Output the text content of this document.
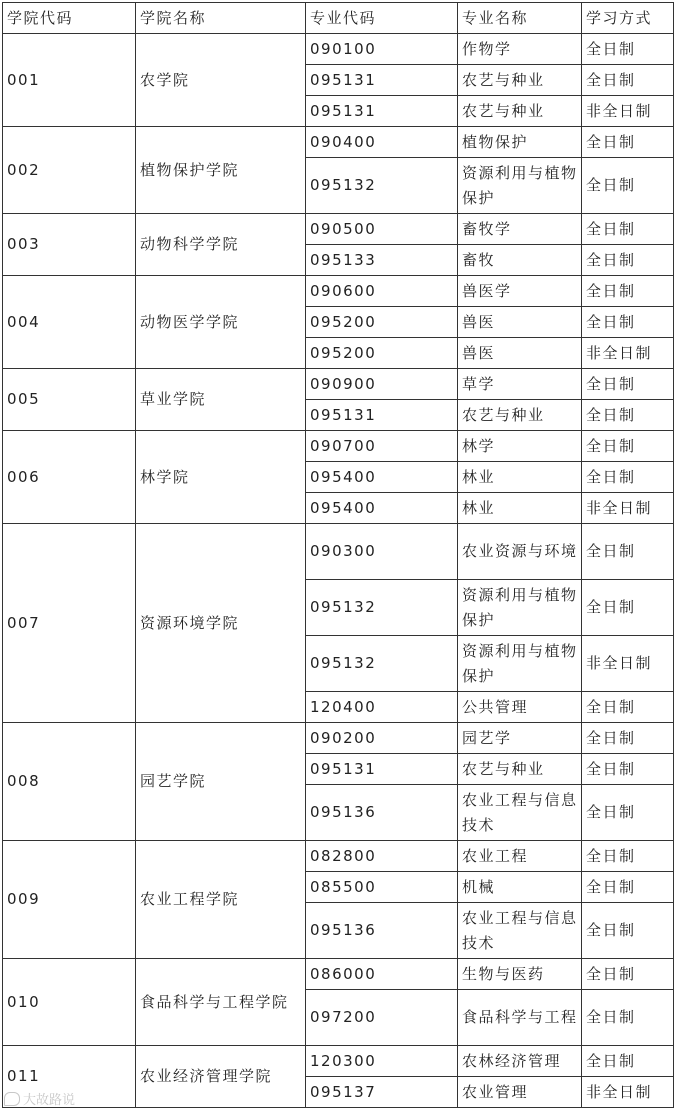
学院代码	学院名称	专业代码	专业名称	学习方式
001	农学院	090100	作物学	全日制
		095131	农艺与种业	全日制
		095131	农艺与种业	非全日制
002	植物保护学院	090400	植物保护	全日制
		095132	资源利用与植物保护	全日制
003	动物科学学院	090500	畜牧学	全日制
		095133	畜牧	全日制
004	动物医学学院	090600	兽医学	全日制
		095200	兽医	全日制
		095200	兽医	非全日制
005	草业学院	090900	草学	全日制
		095131	农艺与种业	全日制
006	林学院	090700	林学	全日制
		095400	林业	全日制
		095400	林业	非全日制
007	资源环境学院	090300	农业资源与环境	全日制
		095132	资源利用与植物保护	全日制
		095132	资源利用与植物保护	非全日制
		120400	公共管理	全日制
008	园艺学院	090200	园艺学	全日制
		095131	农艺与种业	全日制
		095136	农业工程与信息技术	全日制
009	农业工程学院	082800	农业工程	全日制
		085500	机械	全日制
		095136	农业工程与信息技术	全日制
010	食品科学与工程学院	086000	生物与医药	全日制
		097200	食品科学与工程	全日制
011	农业经济管理学院	120300	农林经济管理	全日制
		095137	农业管理	非全日制
大故路说
